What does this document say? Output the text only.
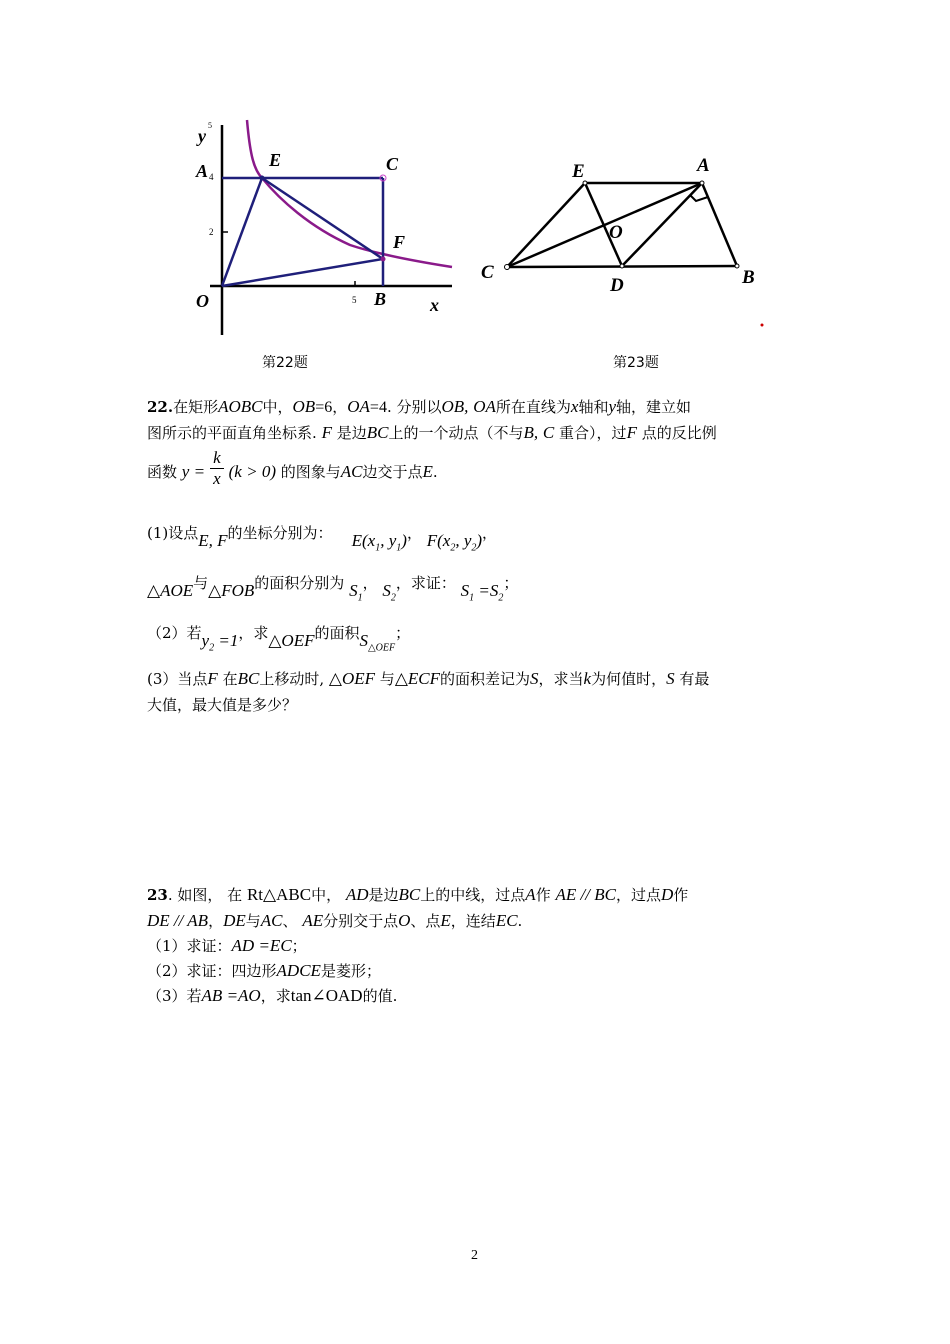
5
4
2
5
y
A
E	C
F
O	B x
第22题
E	A
O
C
D	B
第23题
22.在矩形AOBC中，OB=6，OA=4. 分别以OB, OA所在直线为x轴和y轴，建立如
图所示的平面直角坐标系. F 是边BC上的一个动点（不与B, C 重合），过F 点的反比例
函数 $y = \frac{k}{x} (k > 0)$ 的图象与AC边交于点E.
(1)设点E, F的坐标分别为： $E(x_1$, $y_1$)， $F(x_2$, $y_2$)，
△AOE与△FOB的面积分别为 $S_1$， $S_2$，求证： $S_1 =S_2$；
（2）若$y_2 =1$，求△OEF的面积$S_{\triangle OEF}$；
(3）当点F 在BC上移动时, △OEF 与△ECF的面积差记为S，求当k为何值时，S 有最
大值，最大值是多少？
23. 如图， 在 Rt△ABC中， AD是边BC上的中线，过点A作 AE // BC，过点D作
DE // AB，DE与AC、 AE分别交于点O、点E，连结EC.
（1）求证：AD =EC；
（2）求证：四边形ADCE是菱形；
（3）若AB =AO，求tan∠OAD的值.
2
